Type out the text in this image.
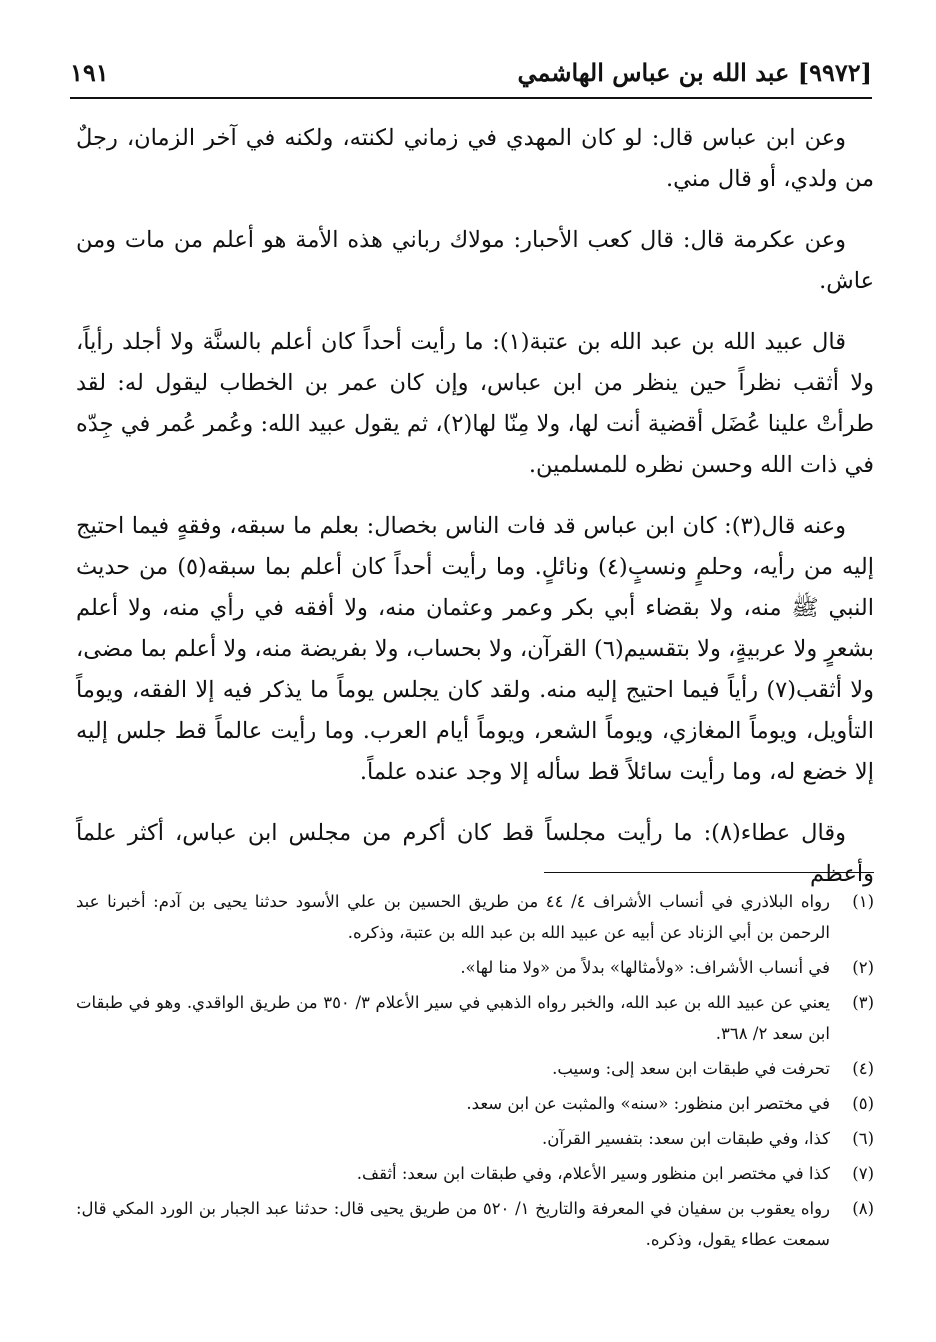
[٩٩٧٢] عبد الله بن عباس الهاشمي
١٩١

وعن ابن عباس قال: لو كان المهدي في زماني لكنته، ولكنه في آخر الزمان، رجلٌ من ولدي، أو قال مني.

وعن عكرمة قال: قال كعب الأحبار: مولاك رباني هذه الأمة هو أعلم من مات ومن عاش.

قال عبيد الله بن عبد الله بن عتبة(١): ما رأيت أحداً كان أعلم بالسنَّة ولا أجلد رأياً، ولا أثقب نظراً حين ينظر من ابن عباس، وإن كان عمر بن الخطاب ليقول له: لقد طرأتْ علينا عُضَل أقضية أنت لها، ولا مِنّا لها(٢)، ثم يقول عبيد الله: وعُمر عُمر في جِدّه في ذات الله وحسن نظره للمسلمين.

وعنه قال(٣): كان ابن عباس قد فات الناس بخصال: بعلم ما سبقه، وفقهٍ فيما احتيج إليه من رأيه، وحلمٍ ونسبٍ(٤) ونائلٍ. وما رأيت أحداً كان أعلم بما سبقه(٥) من حديث النبي ﷺ منه، ولا بقضاء أبي بكر وعمر وعثمان منه، ولا أفقه في رأي منه، ولا أعلم بشعرٍ ولا عربيةٍ، ولا بتقسيم(٦) القرآن، ولا بحساب، ولا بفريضة منه، ولا أعلم بما مضى، ولا أثقب(٧) رأياً فيما احتيج إليه منه. ولقد كان يجلس يوماً ما يذكر فيه إلا الفقه، ويوماً التأويل، ويوماً المغازي، ويوماً الشعر، ويوماً أيام العرب. وما رأيت عالماً قط جلس إليه إلا خضع له، وما رأيت سائلاً قط سأله إلا وجد عنده علماً.

وقال عطاء(٨): ما رأيت مجلساً قط كان أكرم من مجلس ابن عباس، أكثر علماً وأعظم

(١)
رواه البلاذري في أنساب الأشراف ٤/ ٤٤ من طريق الحسين بن علي الأسود حدثنا يحيى بن آدم: أخبرنا عبد الرحمن بن أبي الزناد عن أبيه عن عبيد الله بن عبد الله بن عتبة، وذكره.
(٢)
في أنساب الأشراف: «ولأمثالها» بدلاً من «ولا منا لها».
(٣)
يعني عن عبيد الله بن عبد الله، والخبر رواه الذهبي في سير الأعلام ٣/ ٣٥٠ من طريق الواقدي. وهو في طبقات ابن سعد ٢/ ٣٦٨.
(٤)
تحرفت في طبقات ابن سعد إلى: وسيب.
(٥)
في مختصر ابن منظور: «سنه» والمثبت عن ابن سعد.
(٦)
كذا، وفي طبقات ابن سعد: بتفسير القرآن.
(٧)
كذا في مختصر ابن منظور وسير الأعلام، وفي طبقات ابن سعد: أثقف.
(٨)
رواه يعقوب بن سفيان في المعرفة والتاريخ ١/ ٥٢٠ من طريق يحيى قال: حدثنا عبد الجبار بن الورد المكي قال: سمعت عطاء يقول، وذكره.
